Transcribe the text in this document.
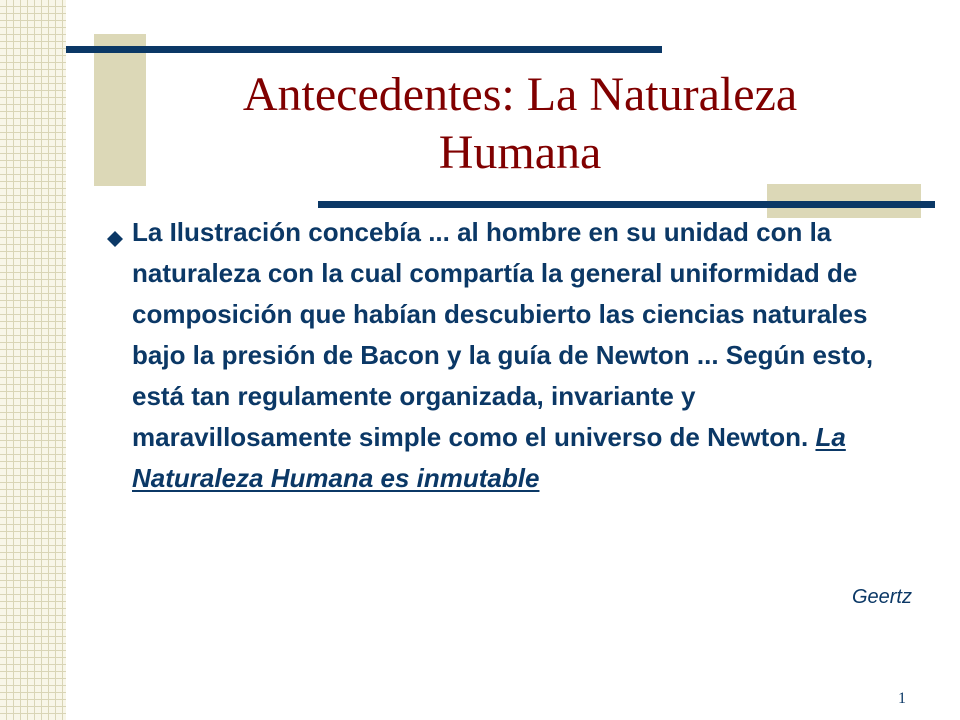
Antecedentes: La Naturaleza
Humana

La Ilustración concebía ... al hombre en su unidad con la naturaleza con la cual compartía la general uniformidad de composición que habían descubierto las ciencias naturales bajo la presión de Bacon y la guía de Newton ... Según esto, está tan regulamente organizada, invariante y maravillosamente simple como el universo de Newton. La Naturaleza Humana es inmutable

Geertz

1
